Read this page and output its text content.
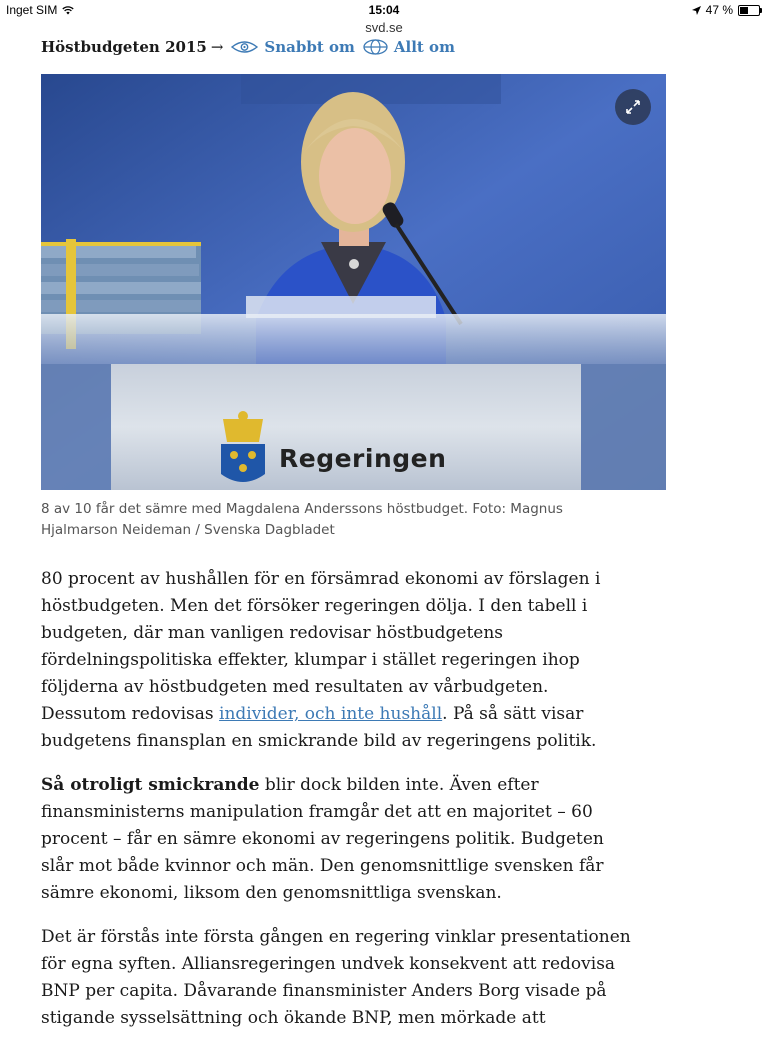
Inget SIM	15:04	47 %
svd.se
Höstbudgeten 2015 →	Snabbt om	Allt om
Regeringen
8 av 10 får det sämre med Magdalena Anderssons höstbudget. Foto: Magnus Hjalmarson Neideman / Svenska Dagbladet

80 procent av hushållen för en försämrad ekonomi av förslagen i höstbudgeten. Men det försöker regeringen dölja. I den tabell i budgeten, där man vanligen redovisar höstbudgetens fördelningspolitiska effekter, klumpar i stället regeringen ihop följderna av höstbudgeten med resultaten av vårbudgeten. Dessutom redovisas individer, och inte hushåll. På så sätt visar budgetens finansplan en smickrande bild av regeringens politik.

Så otroligt smickrande blir dock bilden inte. Även efter finansministerns manipulation framgår det att en majoritet – 60 procent – får en sämre ekonomi av regeringens politik. Budgeten slår mot både kvinnor och män. Den genomsnittlige svensken får sämre ekonomi, liksom den genomsnittliga svenskan.

Det är förstås inte första gången en regering vinklar presentationen för egna syften. Alliansregeringen undvek konsekvent att redovisa BNP per capita. Dåvarande finansminister Anders Borg visade på stigande sysselsättning och ökande BNP, men mörkade att
